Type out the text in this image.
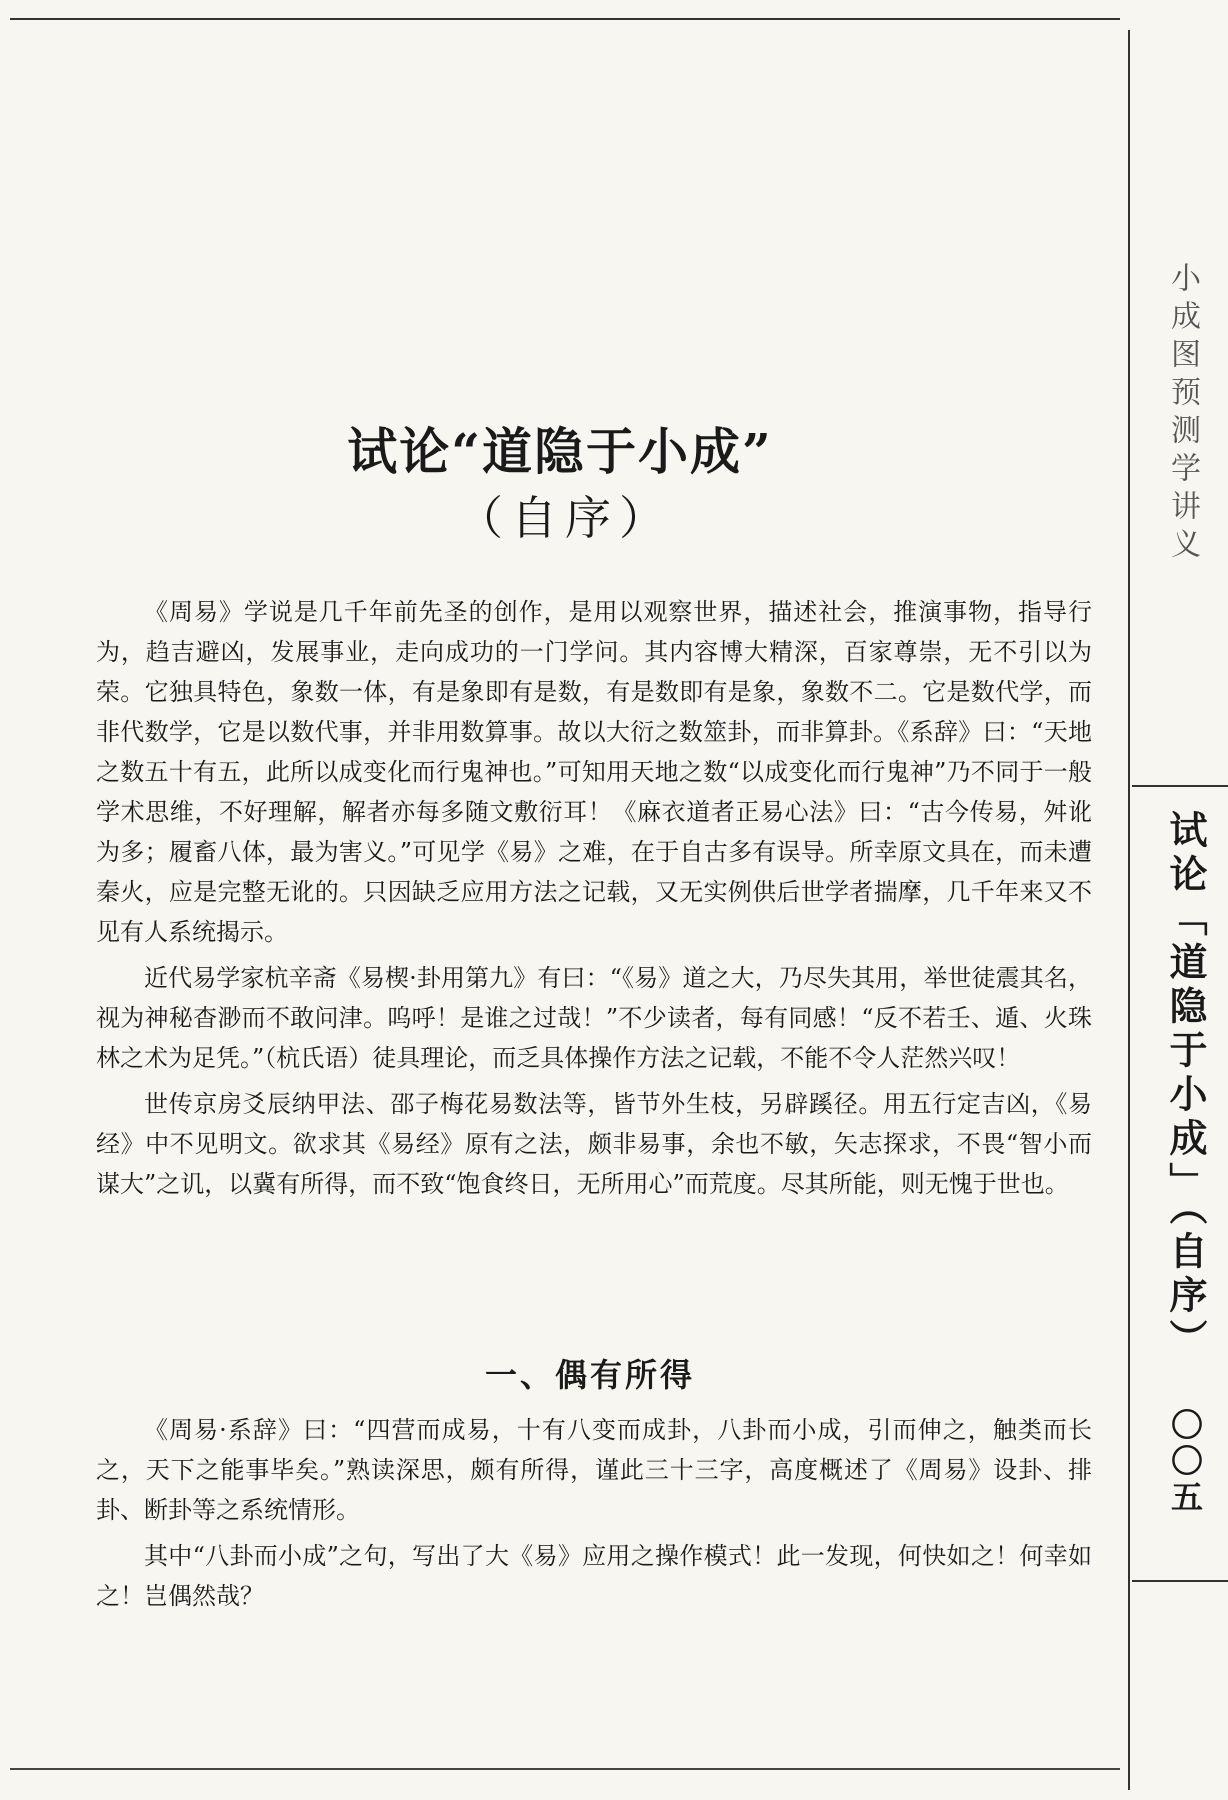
试论“道隐于小成”
（自序）

《周易》学说是几千年前先圣的创作，是用以观察世界，描述社会，推演事物，指导行为，趋吉避凶，发展事业，走向成功的一门学问。其内容博大精深，百家尊崇，无不引以为荣。它独具特色，象数一体，有是象即有是数，有是数即有是象，象数不二。它是数代学，而非代数学，它是以数代事，并非用数算事。故以大衍之数筮卦，而非算卦。《系辞》曰：“天地之数五十有五，此所以成变化而行鬼神也。”可知用天地之数“以成变化而行鬼神”乃不同于一般学术思维，不好理解，解者亦每多随文敷衍耳！《麻衣道者正易心法》曰：“古今传易，舛讹为多；履畜八体，最为害义。”可见学《易》之难，在于自古多有误导。所幸原文具在，而未遭秦火，应是完整无讹的。只因缺乏应用方法之记载，又无实例供后世学者揣摩，几千年来又不见有人系统揭示。

近代易学家杭辛斋《易楔·卦用第九》有曰：“《易》道之大，乃尽失其用，举世徒震其名，视为神秘杳渺而不敢问津。呜呼！是谁之过哉！”不少读者，每有同感！“反不若壬、遁、火珠林之术为足凭。”（杭氏语）徒具理论，而乏具体操作方法之记载，不能不令人茫然兴叹！

世传京房爻辰纳甲法、邵子梅花易数法等，皆节外生枝，另辟蹊径。用五行定吉凶，《易经》中不见明文。欲求其《易经》原有之法，颇非易事，余也不敏，矢志探求，不畏“智小而谋大”之讥，以冀有所得，而不致“饱食终日，无所用心”而荒度。尽其所能，则无愧于世也。

一、偶有所得

《周易·系辞》曰：“四营而成易，十有八变而成卦，八卦而小成，引而伸之，触类而长之，天下之能事毕矣。”熟读深思，颇有所得，谨此三十三字，高度概述了《周易》设卦、排卦、断卦等之系统情形。

其中“八卦而小成”之句，写出了大《易》应用之操作模式！此一发现，何快如之！何幸如之！岂偶然哉？

小成图预测学讲义
试论「道隐于小成」（自序）
〇〇五
